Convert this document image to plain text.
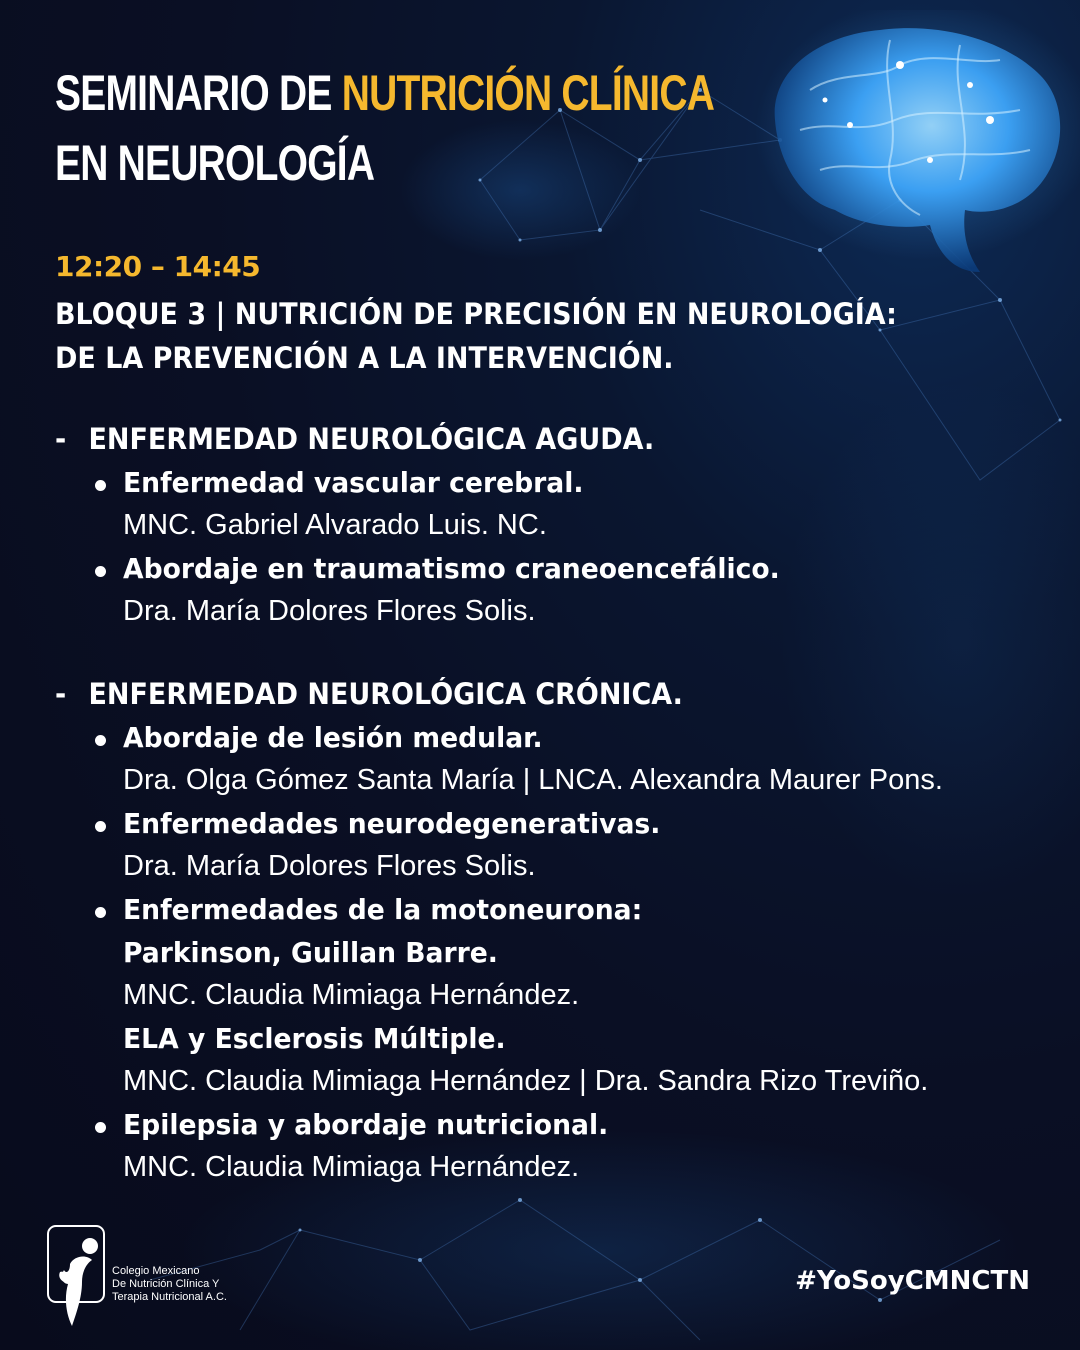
SEMINARIO DE NUTRICIÓN CLÍNICA
EN NEUROLOGÍA
12:20 – 14:45
BLOQUE 3 | NUTRICIÓN DE PRECISIÓN EN NEUROLOGÍA:
DE LA PREVENCIÓN A LA INTERVENCIÓN.
- ENFERMEDAD NEUROLÓGICA AGUDA.
Enfermedad vascular cerebral.
MNC. Gabriel Alvarado Luis. NC.
Abordaje en traumatismo craneoencefálico.
Dra. María Dolores Flores Solis.
- ENFERMEDAD NEUROLÓGICA CRÓNICA.
Abordaje de lesión medular.
Dra. Olga Gómez Santa María | LNCA. Alexandra Maurer Pons.
Enfermedades neurodegenerativas.
Dra. María Dolores Flores Solis.
Enfermedades de la motoneurona:
Parkinson, Guillan Barre.
MNC. Claudia Mimiaga Hernández.
ELA y Esclerosis Múltiple.
MNC. Claudia Mimiaga Hernández | Dra. Sandra Rizo Treviño.
Epilepsia y abordaje nutricional.
MNC. Claudia Mimiaga Hernández.
Colegio Mexicano
De Nutrición Clínica Y
Terapia Nutricional A.C.
#YoSoyCMNCTN
